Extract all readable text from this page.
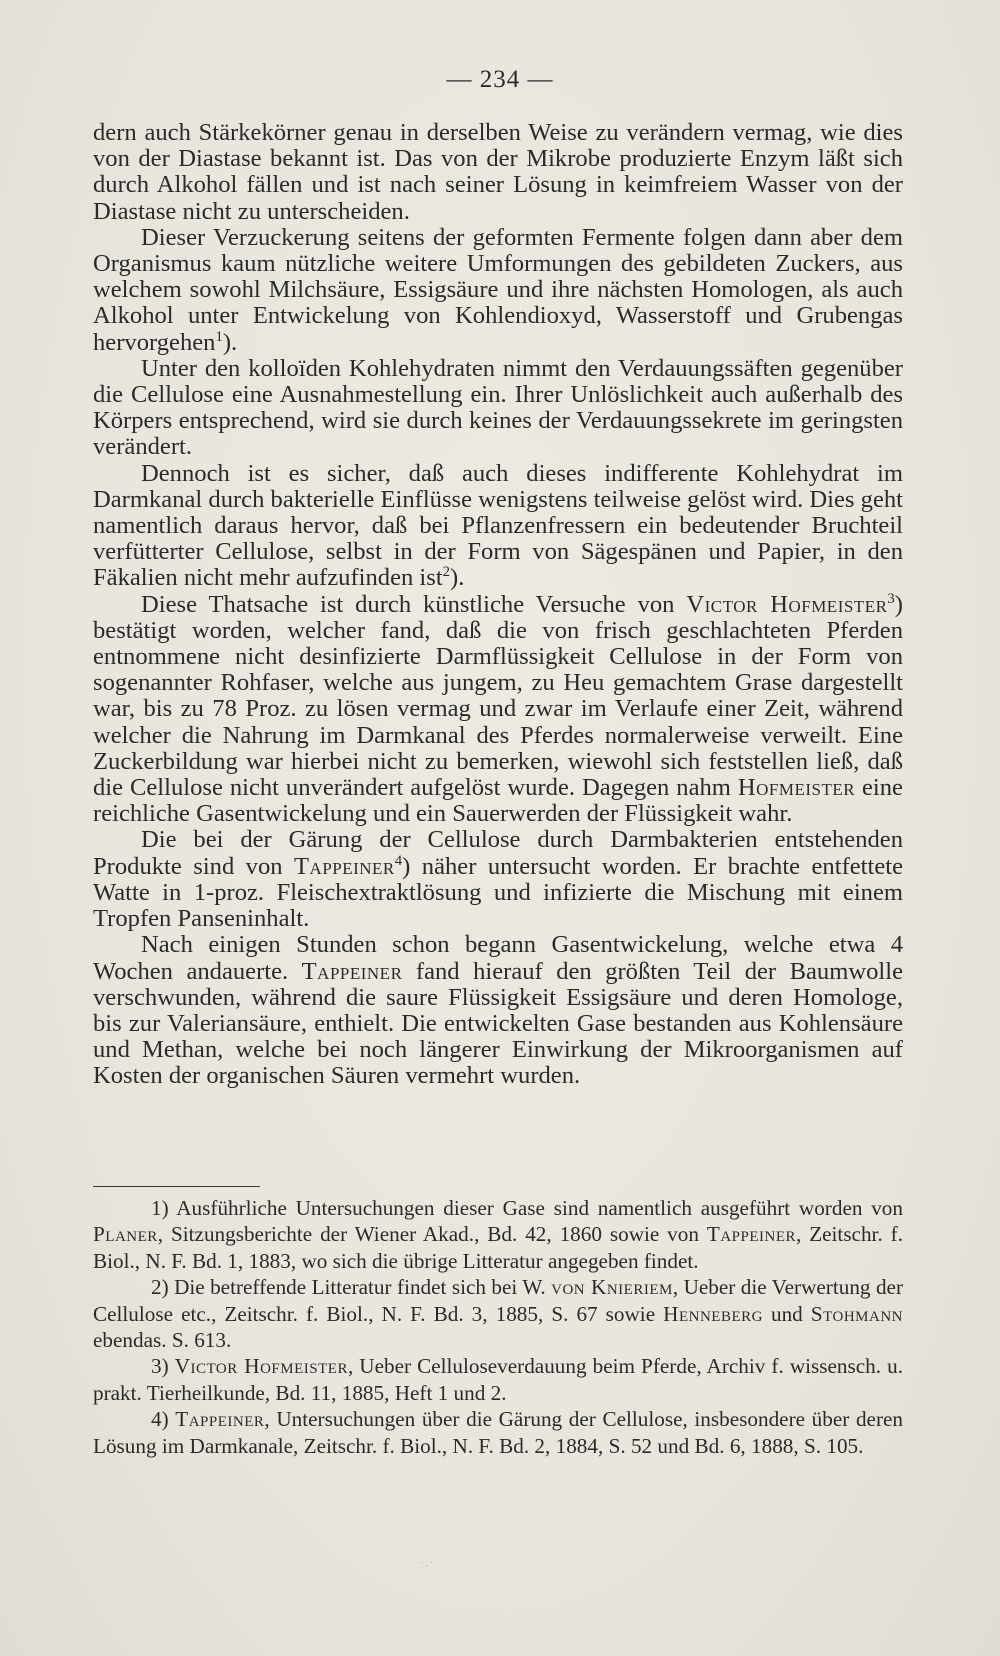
— 234 —

dern auch Stärkekörner genau in derselben Weise zu verändern vermag, wie dies von der Diastase bekannt ist. Das von der Mikrobe produzierte Enzym läßt sich durch Alkohol fällen und ist nach seiner Lösung in keimfreiem Wasser von der Diastase nicht zu unterscheiden.

Dieser Verzuckerung seitens der geformten Fermente folgen dann aber dem Organismus kaum nützliche weitere Umformungen des gebildeten Zuckers, aus welchem sowohl Milchsäure, Essigsäure und ihre nächsten Homologen, als auch Alkohol unter Entwickelung von Kohlendioxyd, Wasserstoff und Grubengas hervorgehen$^1$).

Unter den kolloïden Kohlehydraten nimmt den Verdauungssäften gegenüber die Cellulose eine Ausnahmestellung ein. Ihrer Unlöslichkeit auch außerhalb des Körpers entsprechend, wird sie durch keines der Verdauungssekrete im geringsten verändert.

Dennoch ist es sicher, daß auch dieses indifferente Kohlehydrat im Darmkanal durch bakterielle Einflüsse wenigstens teilweise gelöst wird. Dies geht namentlich daraus hervor, daß bei Pflanzenfressern ein bedeutender Bruchteil verfütterter Cellulose, selbst in der Form von Sägespänen und Papier, in den Fäkalien nicht mehr aufzufinden ist$^2$).

Diese Thatsache ist durch künstliche Versuche von Victor Hofmeister$^3$) bestätigt worden, welcher fand, daß die von frisch geschlachteten Pferden entnommene nicht desinfizierte Darmflüssigkeit Cellulose in der Form von sogenannter Rohfaser, welche aus jungem, zu Heu gemachtem Grase dargestellt war, bis zu 78 Proz. zu lösen vermag und zwar im Verlaufe einer Zeit, während welcher die Nahrung im Darmkanal des Pferdes normalerweise verweilt. Eine Zuckerbildung war hierbei nicht zu bemerken, wiewohl sich feststellen ließ, daß die Cellulose nicht unverändert aufgelöst wurde. Dagegen nahm Hofmeister eine reichliche Gasentwickelung und ein Sauerwerden der Flüssigkeit wahr.

Die bei der Gärung der Cellulose durch Darmbakterien entstehenden Produkte sind von Tappeiner$^4$) näher untersucht worden. Er brachte entfettete Watte in 1-proz. Fleischextraktlösung und infizierte die Mischung mit einem Tropfen Panseninhalt.

Nach einigen Stunden schon begann Gasentwickelung, welche etwa 4 Wochen andauerte. Tappeiner fand hierauf den größten Teil der Baumwolle verschwunden, während die saure Flüssigkeit Essigsäure und deren Homologe, bis zur Valeriansäure, enthielt. Die entwickelten Gase bestanden aus Kohlensäure und Methan, welche bei noch längerer Einwirkung der Mikroorganismen auf Kosten der organischen Säuren vermehrt wurden.

1) Ausführliche Untersuchungen dieser Gase sind namentlich ausgeführt worden von Planer, Sitzungsberichte der Wiener Akad., Bd. 42, 1860 sowie von Tappeiner, Zeitschr. f. Biol., N. F. Bd. 1, 1883, wo sich die übrige Litteratur angegeben findet.

2) Die betreffende Litteratur findet sich bei W. von Knieriem, Ueber die Verwertung der Cellulose etc., Zeitschr. f. Biol., N. F. Bd. 3, 1885, S. 67 sowie Henneberg und Stohmann ebendas. S. 613.

3) Victor Hofmeister, Ueber Celluloseverdauung beim Pferde, Archiv f. wissensch. u. prakt. Tierheilkunde, Bd. 11, 1885, Heft 1 und 2.

4) Tappeiner, Untersuchungen über die Gärung der Cellulose, insbesondere über deren Lösung im Darmkanale, Zeitschr. f. Biol., N. F. Bd. 2, 1884, S. 52 und Bd. 6, 1888, S. 105.

·.·
